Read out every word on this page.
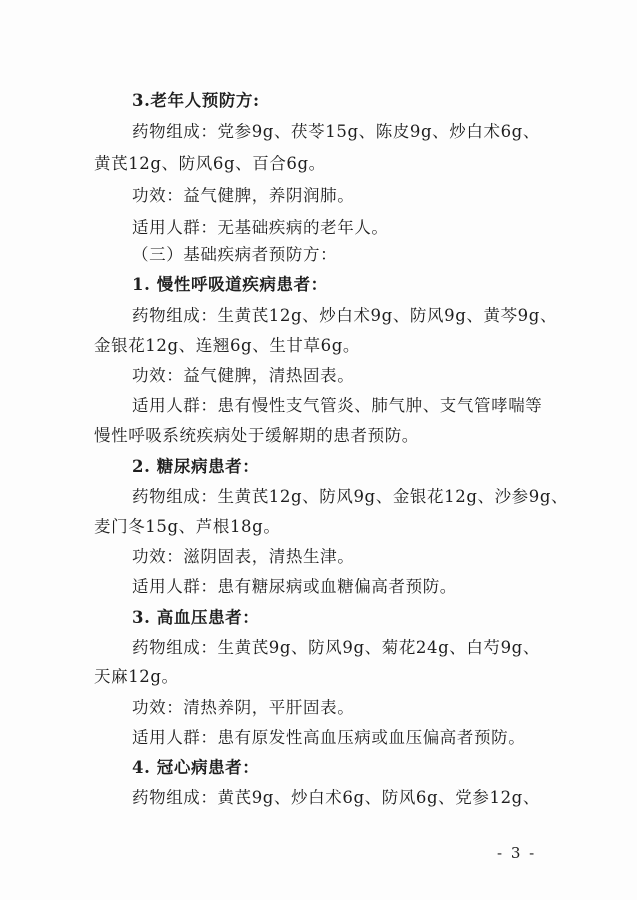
3.老年人预防方:
药物组成：党参9g、茯苓15g、陈皮9g、炒白术6g、
黄芪12g、防风6g、百合6g。
功效：益气健脾，养阴润肺。
适用人群：无基础疾病的老年人。
（三）基础疾病者预防方：
1. 慢性呼吸道疾病患者：
药物组成：生黄芪12g、炒白术9g、防风9g、黄芩9g、
金银花12g、连翘6g、生甘草6g。
功效：益气健脾，清热固表。
适用人群：患有慢性支气管炎、肺气肿、支气管哮喘等
慢性呼吸系统疾病处于缓解期的患者预防。
2. 糖尿病患者：
药物组成：生黄芪12g、防风9g、金银花12g、沙参9g、
麦门冬15g、芦根18g。
功效：滋阴固表，清热生津。
适用人群：患有糖尿病或血糖偏高者预防。
3. 高血压患者：
药物组成：生黄芪9g、防风9g、菊花24g、白芍9g、
天麻12g。
功效：清热养阴，平肝固表。
适用人群：患有原发性高血压病或血压偏高者预防。
4. 冠心病患者：
药物组成：黄芪9g、炒白术6g、防风6g、党参12g、
- 3 -
